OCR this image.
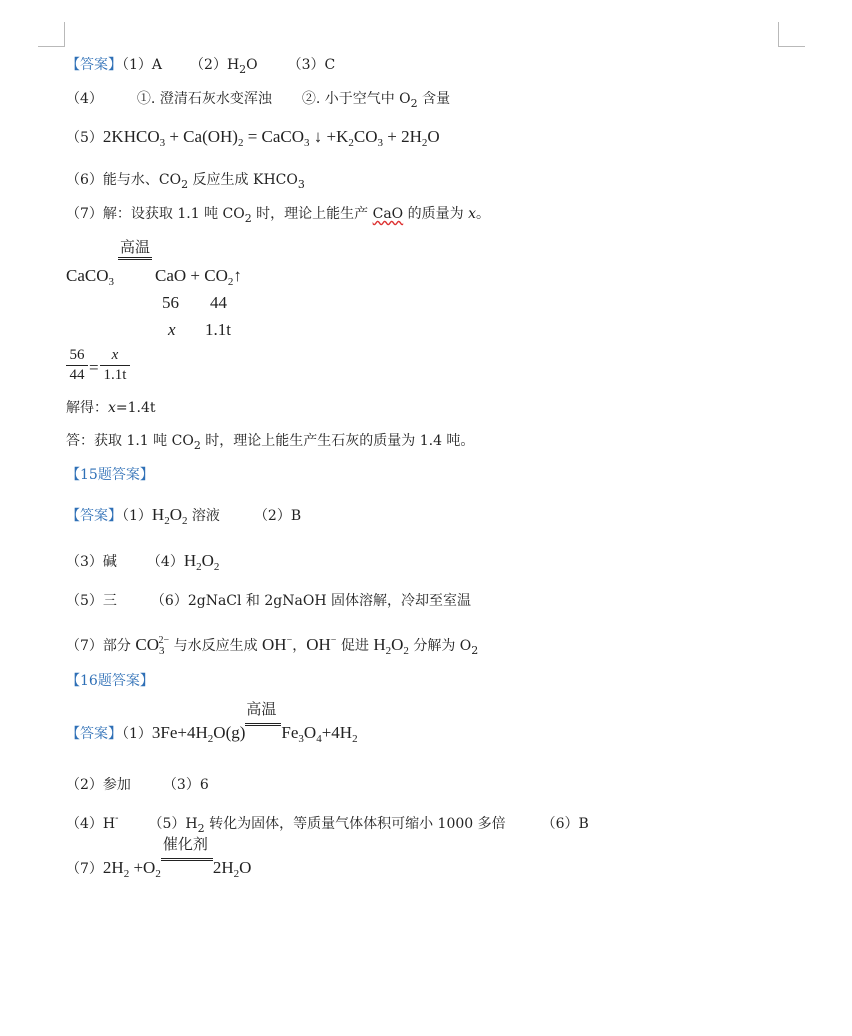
【答案】（1）A $(2)H_2O$ （3）C
（4） ①. 澄清石灰水变浑浊 ②. 小于空气中 $O_2$ 含量
$(5)2KHCO_3 + Ca(OH)_2$ = CaCO$_3$ ↓ $+K_2CO_3 + 2H_2O$
（6）能与水、$CO_2$ 反应生成 $KHCO_3$
（7）解：设获取 1.1 吨 $CO_2$ 时，理论上能生产 CaO 的质量为 x。
高温
CaCO$_3$ CaO + $CO_2↑$
56 44
x 1.1t
56
44 =
x
1.1t
解得：x=1.4t
答：获取 1.1 吨 $CO_2$ 时，理论上能生产生石灰的质量为 1.4 吨。
【15题答案】
【答案】$(1)H_2O_2$ 溶液 （2）B
（3）碱 $(4)H_2O_2$
（5）三 （6）2gNaCl 和 2gNaOH 固体溶解，冷却至室温
（7）部分 $CO_3^{2-}$ 与水反应生成 OH−，OH− 促进 $H_2O_2$ 分解为 $O_2$
【16题答案】
【答案】$(1)3Fe+4H_2O(g)$
高温
$Fe_3O_4+4H_2$
（2）参加 （3）6
（4）H- $(5)H_2$ 转化为固体，等质量气体体积可缩小 1000 多倍	（6）B
$(7)2H_2 +O_2$
催化剂
$2H_2O$
